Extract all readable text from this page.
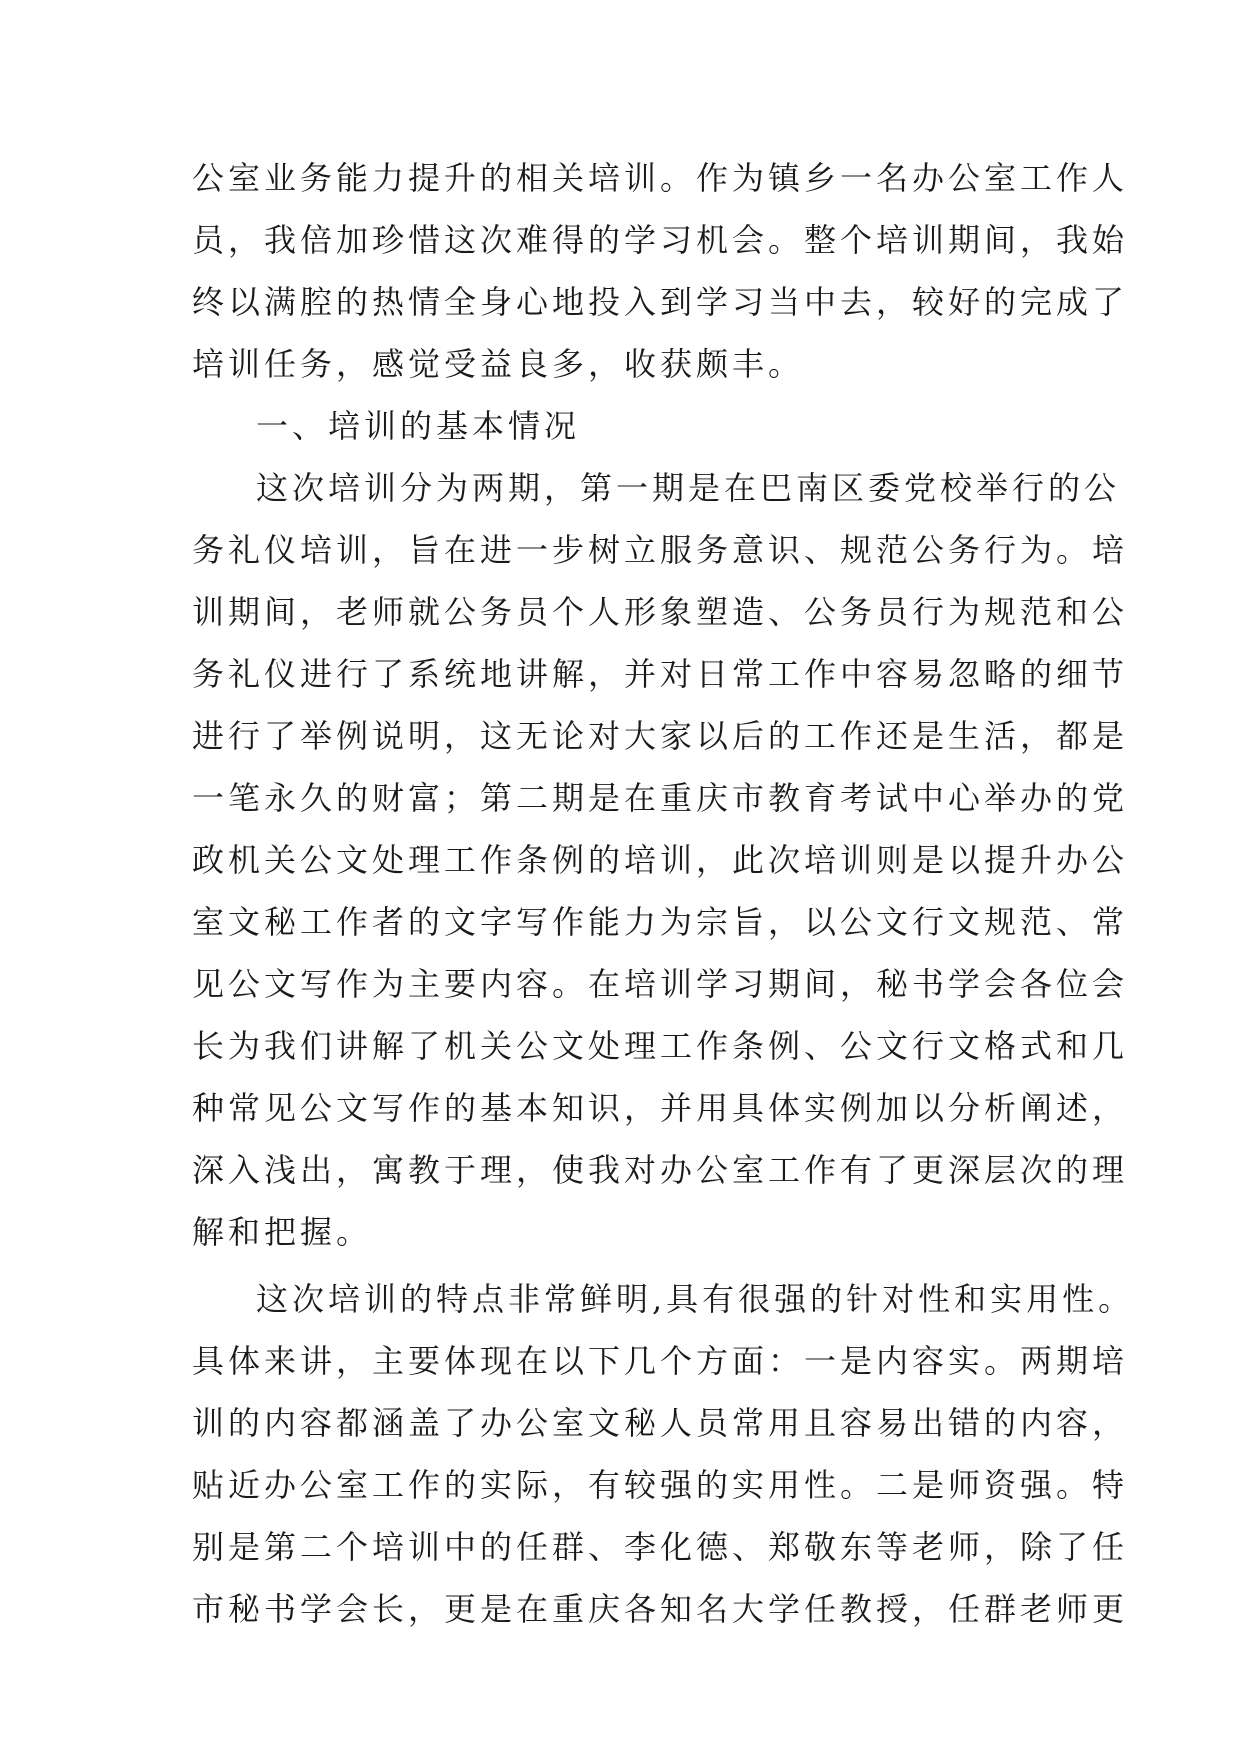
公室业务能力提升的相关培训。作为镇乡一名办公室工作人
员，我倍加珍惜这次难得的学习机会。整个培训期间，我始
终以满腔的热情全身心地投入到学习当中去，较好的完成了
培训任务，感觉受益良多，收获颇丰。
一、培训的基本情况
这次培训分为两期，第一期是在巴南区委党校举行的公
务礼仪培训，旨在进一步树立服务意识、规范公务行为。培
训期间，老师就公务员个人形象塑造、公务员行为规范和公
务礼仪进行了系统地讲解，并对日常工作中容易忽略的细节
进行了举例说明，这无论对大家以后的工作还是生活，都是
一笔永久的财富；第二期是在重庆市教育考试中心举办的党
政机关公文处理工作条例的培训，此次培训则是以提升办公
室文秘工作者的文字写作能力为宗旨，以公文行文规范、常
见公文写作为主要内容。在培训学习期间，秘书学会各位会
长为我们讲解了机关公文处理工作条例、公文行文格式和几
种常见公文写作的基本知识，并用具体实例加以分析阐述，
深入浅出，寓教于理，使我对办公室工作有了更深层次的理
解和把握。
这次培训的特点非常鲜明,具有很强的针对性和实用性。
具体来讲，主要体现在以下几个方面：一是内容实。两期培
训的内容都涵盖了办公室文秘人员常用且容易出错的内容，
贴近办公室工作的实际，有较强的实用性。二是师资强。特
别是第二个培训中的任群、李化德、郑敬东等老师，除了任
市秘书学会长，更是在重庆各知名大学任教授，任群老师更
